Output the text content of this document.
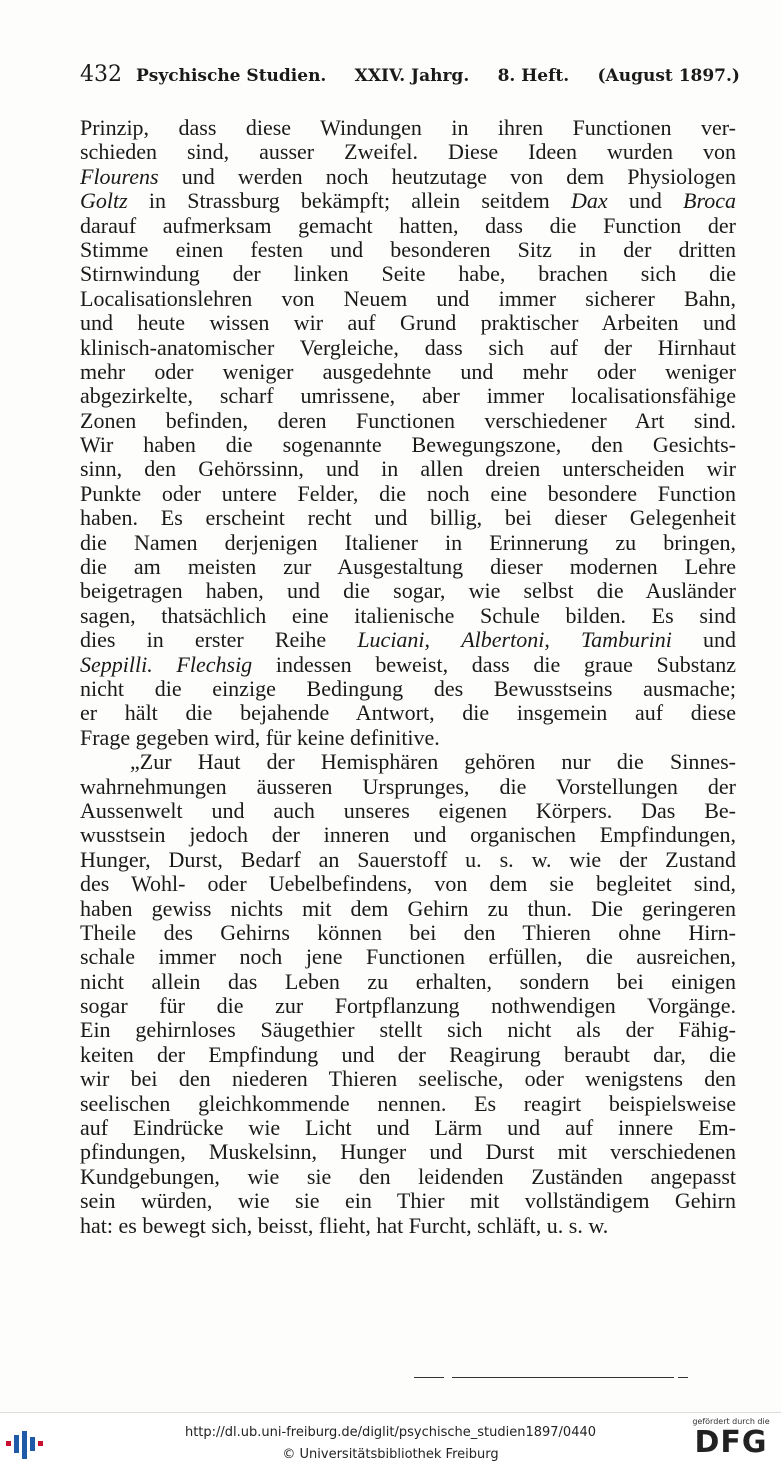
432 Psychische Studien. XXIV. Jahrg. 8. Heft. (August 1897.)
Prinzip, dass diese Windungen in ihren Functionen ver-
schieden sind, ausser Zweifel. Diese Ideen wurden von
Flourens und werden noch heutzutage von dem Physiologen
Goltz in Strassburg bekämpft; allein seitdem Dax und Broca
darauf aufmerksam gemacht hatten, dass die Function der
Stimme einen festen und besonderen Sitz in der dritten
Stirnwindung der linken Seite habe, brachen sich die
Localisationslehren von Neuem und immer sicherer Bahn,
und heute wissen wir auf Grund praktischer Arbeiten und
klinisch-anatomischer Vergleiche, dass sich auf der Hirnhaut
mehr oder weniger ausgedehnte und mehr oder weniger
abgezirkelte, scharf umrissene, aber immer localisationsfähige
Zonen befinden, deren Functionen verschiedener Art sind.
Wir haben die sogenannte Bewegungszone, den Gesichts-
sinn, den Gehörssinn, und in allen dreien unterscheiden wir
Punkte oder untere Felder, die noch eine besondere Function
haben. Es erscheint recht und billig, bei dieser Gelegenheit
die Namen derjenigen Italiener in Erinnerung zu bringen,
die am meisten zur Ausgestaltung dieser modernen Lehre
beigetragen haben, und die sogar, wie selbst die Ausländer
sagen, thatsächlich eine italienische Schule bilden. Es sind
dies in erster Reihe Luciani, Albertoni, Tamburini und
Seppilli. Flechsig indessen beweist, dass die graue Substanz
nicht die einzige Bedingung des Bewusstseins ausmache;
er hält die bejahende Antwort, die insgemein auf diese
Frage gegeben wird, für keine definitive.
„Zur Haut der Hemisphären gehören nur die Sinnes-
wahrnehmungen äusseren Ursprunges, die Vorstellungen der
Aussenwelt und auch unseres eigenen Körpers. Das Be-
wusstsein jedoch der inneren und organischen Empfindungen,
Hunger, Durst, Bedarf an Sauerstoff u. s. w. wie der Zustand
des Wohl- oder Uebelbefindens, von dem sie begleitet sind,
haben gewiss nichts mit dem Gehirn zu thun. Die geringeren
Theile des Gehirns können bei den Thieren ohne Hirn-
schale immer noch jene Functionen erfüllen, die ausreichen,
nicht allein das Leben zu erhalten, sondern bei einigen
sogar für die zur Fortpflanzung nothwendigen Vorgänge.
Ein gehirnloses Säugethier stellt sich nicht als der Fähig-
keiten der Empfindung und der Reagirung beraubt dar, die
wir bei den niederen Thieren seelische, oder wenigstens den
seelischen gleichkommende nennen. Es reagirt beispielsweise
auf Eindrücke wie Licht und Lärm und auf innere Em-
pfindungen, Muskelsinn, Hunger und Durst mit verschiedenen
Kundgebungen, wie sie den leidenden Zuständen angepasst
sein würden, wie sie ein Thier mit vollständigem Gehirn
hat: es bewegt sich, beisst, flieht, hat Furcht, schläft, u. s. w.
http://dl.ub.uni-freiburg.de/diglit/psychische_studien1897/0440
© Universitätsbibliothek Freiburg
gefördert durch die
DFG
